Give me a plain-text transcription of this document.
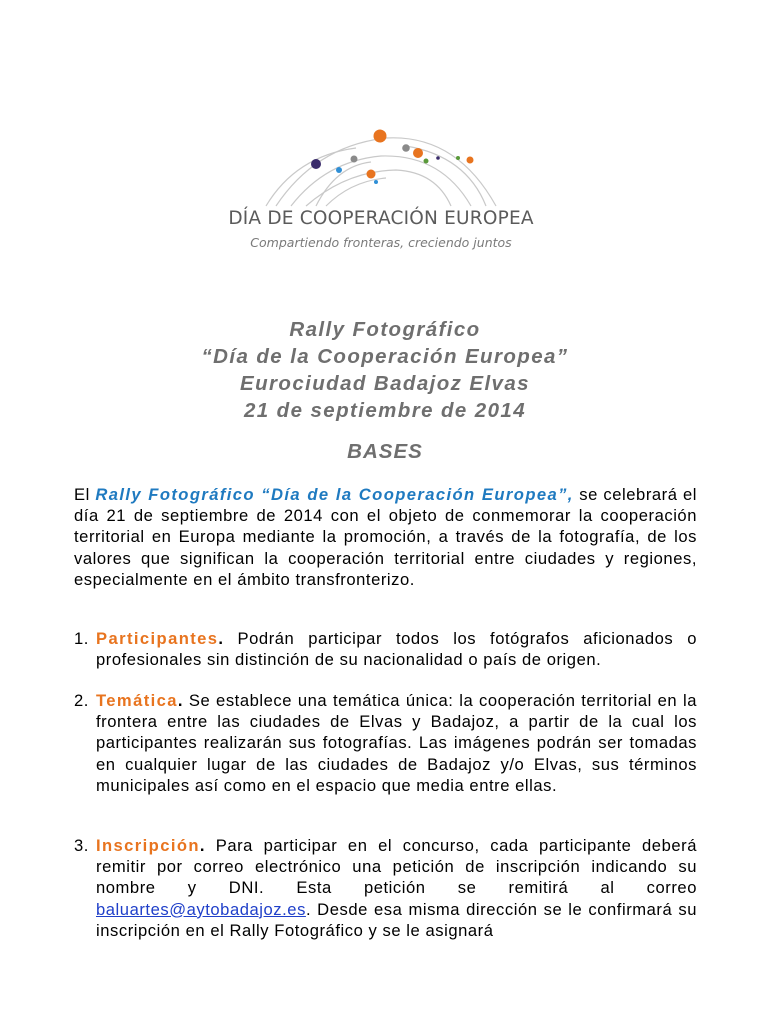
DÍA DE COOPERACIÓN EUROPEA
Compartiendo fronteras, creciendo juntos
Rally Fotográfico
“Día de la Cooperación Europea”
Eurociudad Badajoz Elvas
21 de septiembre de 2014
BASES
El Rally Fotográfico “Día de la Cooperación Europea”, se celebrará el día 21 de septiembre de 2014 con el objeto de conmemorar la cooperación territorial en Europa mediante la promoción, a través de la fotografía, de los valores que significan la cooperación territorial entre ciudades y regiones, especialmente en el ámbito transfronterizo.
1. Participantes. Podrán participar todos los fotógrafos aficionados o profesionales sin distinción de su nacionalidad o país de origen.
2. Temática. Se establece una temática única: la cooperación territorial en la frontera entre las ciudades de Elvas y Badajoz, a partir de la cual los participantes realizarán sus fotografías. Las imágenes podrán ser tomadas en cualquier lugar de las ciudades de Badajoz y/o Elvas, sus términos municipales así como en el espacio que media entre ellas.
3. Inscripción. Para participar en el concurso, cada participante deberá remitir por correo electrónico una petición de inscripción indicando su nombre y DNI. Esta petición se remitirá al correo baluartes@aytobadajoz.es. Desde esa misma dirección se le confirmará su inscripción en el Rally Fotográfico y se le asignará
